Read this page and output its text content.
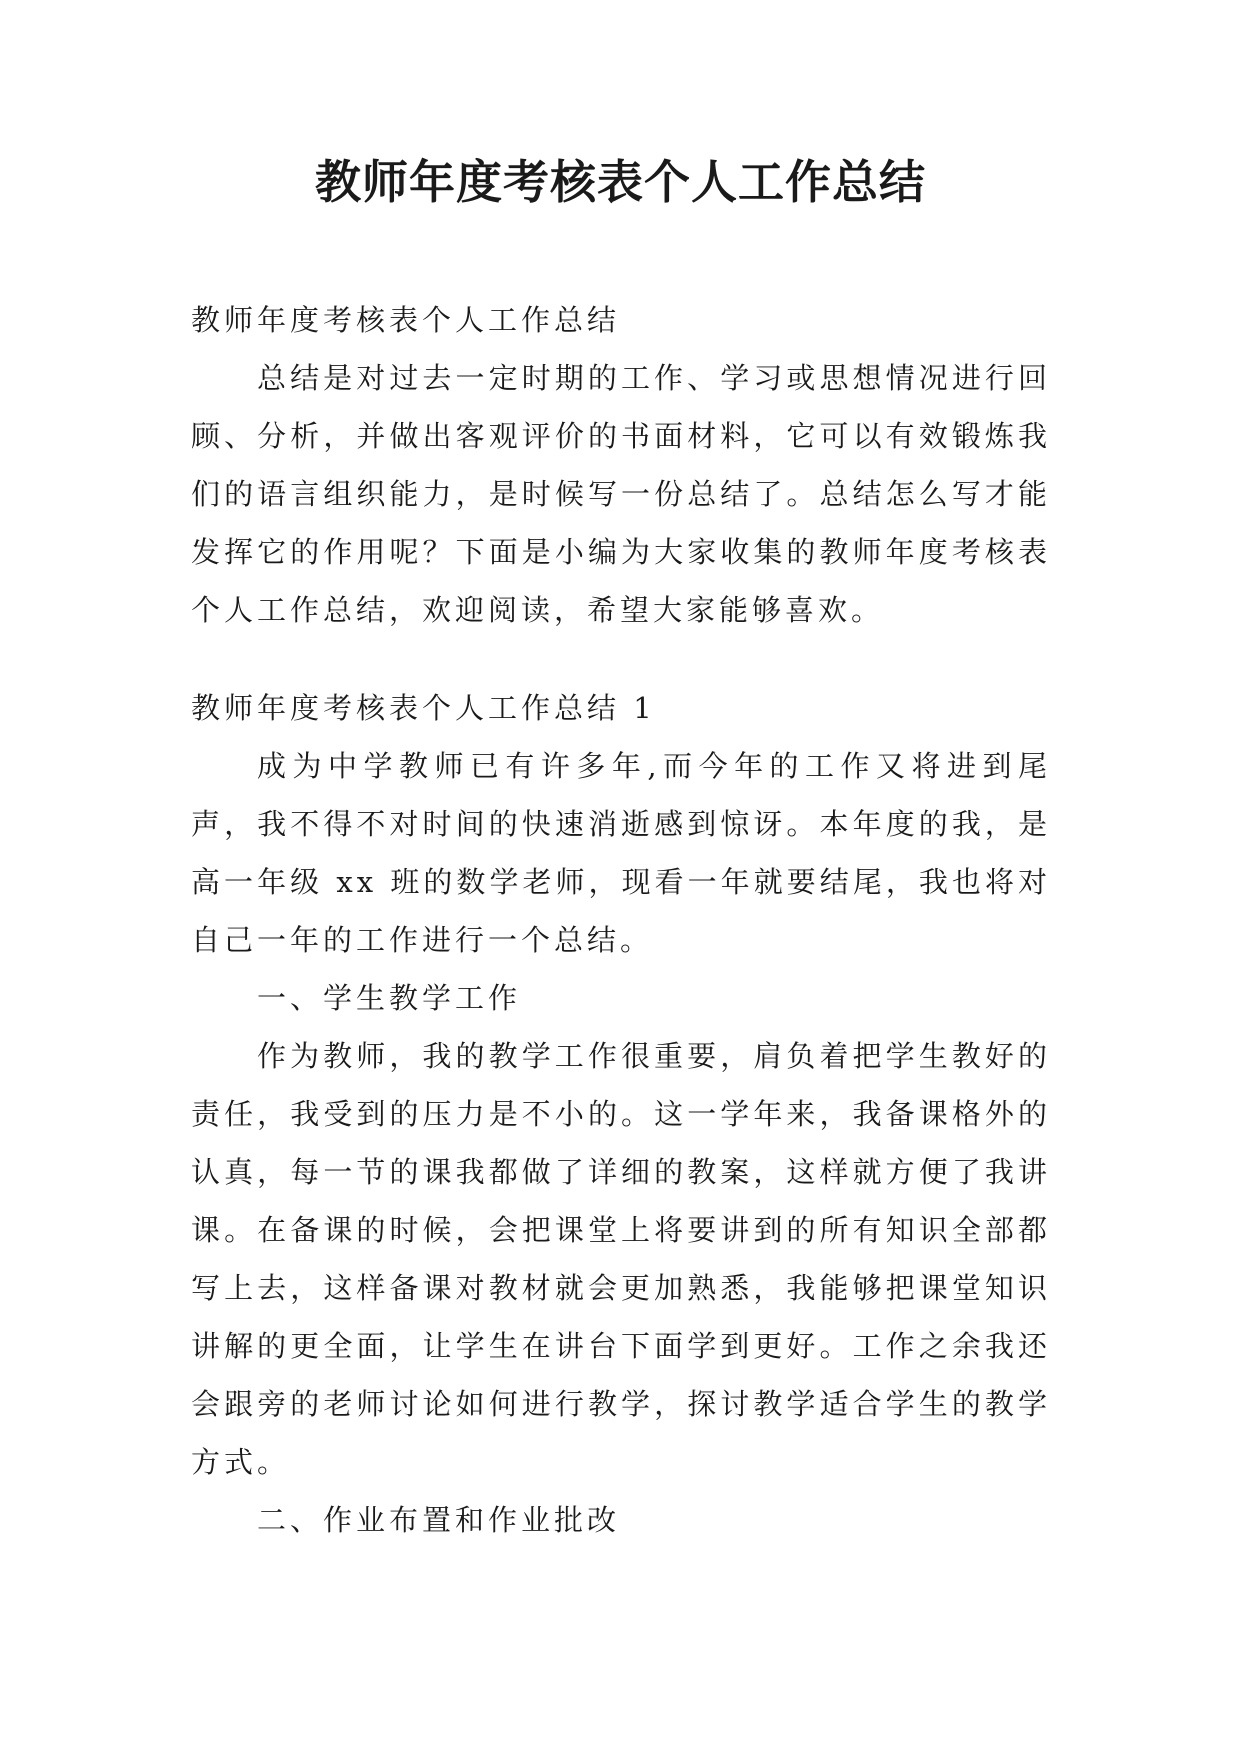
教师年度考核表个人工作总结

教师年度考核表个人工作总结

总结是对过去一定时期的工作、学习或思想情况进行回顾、分析，并做出客观评价的书面材料，它可以有效锻炼我们的语言组织能力，是时候写一份总结了。总结怎么写才能发挥它的作用呢？下面是小编为大家收集的教师年度考核表个人工作总结，欢迎阅读，希望大家能够喜欢。

教师年度考核表个人工作总结 1

成为中学教师已有许多年,而今年的工作又将进到尾声，我不得不对时间的快速消逝感到惊讶。本年度的我，是高一年级 xx 班的数学老师，现看一年就要结尾，我也将对自己一年的工作进行一个总结。

一、学生教学工作

作为教师，我的教学工作很重要，肩负着把学生教好的责任，我受到的压力是不小的。这一学年来，我备课格外的认真，每一节的课我都做了详细的教案，这样就方便了我讲课。在备课的时候，会把课堂上将要讲到的所有知识全部都写上去，这样备课对教材就会更加熟悉，我能够把课堂知识讲解的更全面，让学生在讲台下面学到更好。工作之余我还会跟旁的老师讨论如何进行教学，探讨教学适合学生的教学方式。

二、作业布置和作业批改
